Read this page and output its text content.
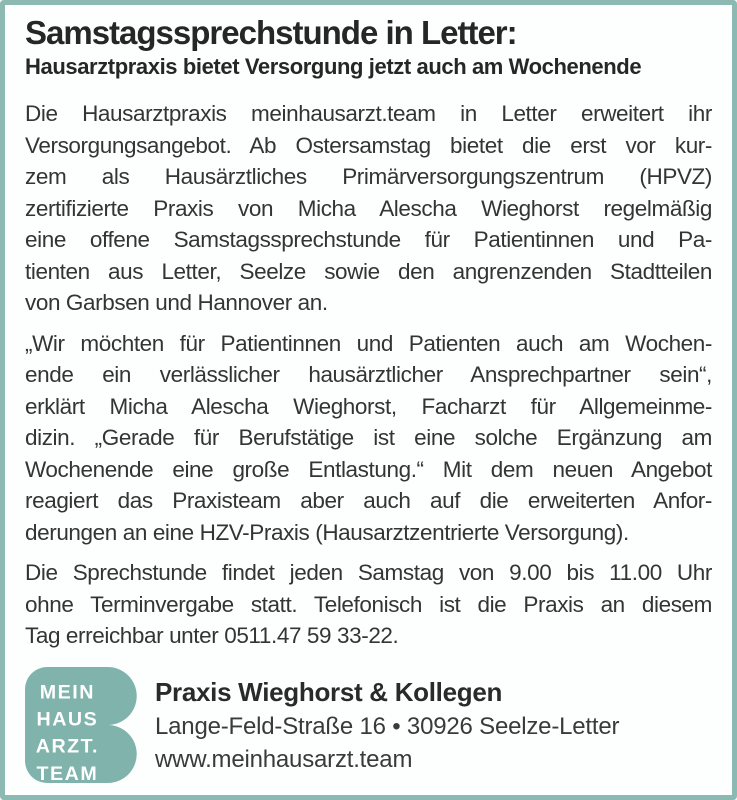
Samstagssprechstunde in Letter:
Hausarztpraxis bietet Versorgung jetzt auch am Wochenende
Die Hausarztpraxis meinhausarzt.team in Letter erweitert ihr
Versorgungsangebot. Ab Ostersamstag bietet die erst vor kur-
zem als Hausärztliches Primärversorgungszentrum (HPVZ)
zertifizierte Praxis von Micha Alescha Wieghorst regelmäßig
eine offene Samstagssprechstunde für Patientinnen und Pa-
tienten aus Letter, Seelze sowie den angrenzenden Stadtteilen
von Garbsen und Hannover an.
„Wir möchten für Patientinnen und Patienten auch am Wochen-
ende ein verlässlicher hausärztlicher Ansprechpartner sein“,
erklärt Micha Alescha Wieghorst, Facharzt für Allgemeinme-
dizin. „Gerade für Berufstätige ist eine solche Ergänzung am
Wochenende eine große Entlastung.“ Mit dem neuen Angebot
reagiert das Praxisteam aber auch auf die erweiterten Anfor-
derungen an eine HZV-Praxis (Hausarztzentrierte Versorgung).
Die Sprechstunde findet jeden Samstag von 9.00 bis 11.00 Uhr
ohne Terminvergabe statt. Telefonisch ist die Praxis an diesem
Tag erreichbar unter 0511.47 59 33-22.
MEIN
HAUS
ARZT.
TEAM
Praxis Wieghorst & Kollegen
Lange-Feld-Straße 16 • 30926 Seelze-Letter
www.meinhausarzt.team
